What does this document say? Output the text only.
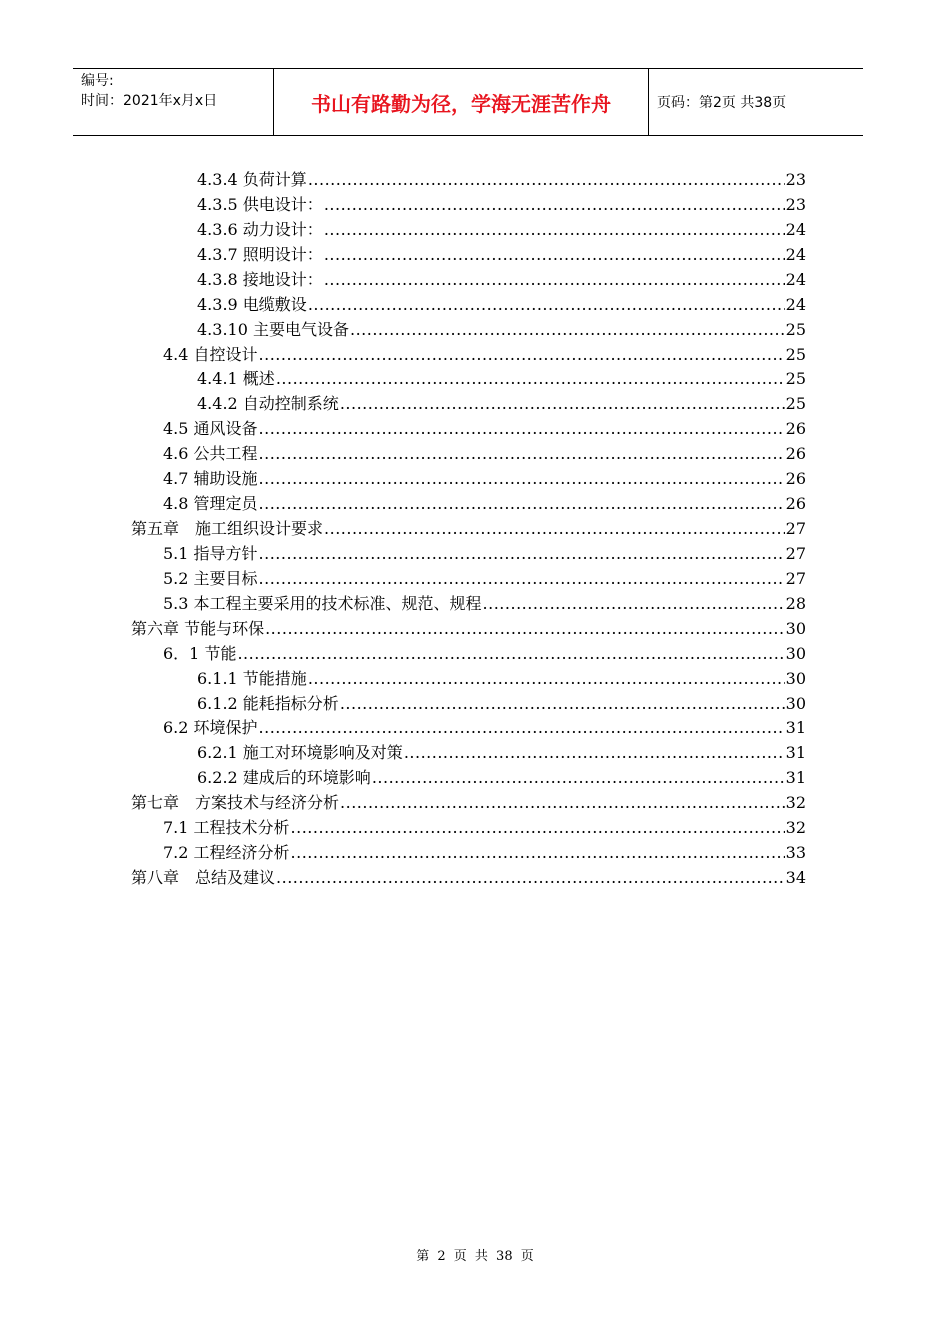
编号:
时间：2021年x月x日	书山有路勤为径，学海无涯苦作舟	页码：第2页 共38页
4.3.4 负荷计算 .....	23
4.3.5 供电设计： .....	23
4.3.6 动力设计： .....	24
4.3.7 照明设计： .....	24
4.3.8 接地设计： .....	24
4.3.9 电缆敷设 .....	24
4.3.10 主要电气设备 .....	25
4.4 自控设计 .....	25
4.4.1 概述 .....	25
4.4.2 自动控制系统 .....	25
4.5 通风设备 .....	26
4.6 公共工程 .....	26
4.7 辅助设施 .....	26
4.8 管理定员 .....	26
第五章　施工组织设计要求 .....	27
5.1 指导方针 .....	27
5.2 主要目标 .....	27
5.3 本工程主要采用的技术标准、规范、规程 .....	28
第六章 节能与环保 .....	30
6．1 节能 .....	30
6.1.1 节能措施 .....	30
6.1.2 能耗指标分析 .....	30
6.2 环境保护 .....	31
6.2.1 施工对环境影响及对策 .....	31
6.2.2 建成后的环境影响 .....	31
第七章　方案技术与经济分析 .....	32
7.1 工程技术分析 .....	32
7.2 工程经济分析 .....	33
第八章　总结及建议 .....	34
第 2 页 共 38 页
